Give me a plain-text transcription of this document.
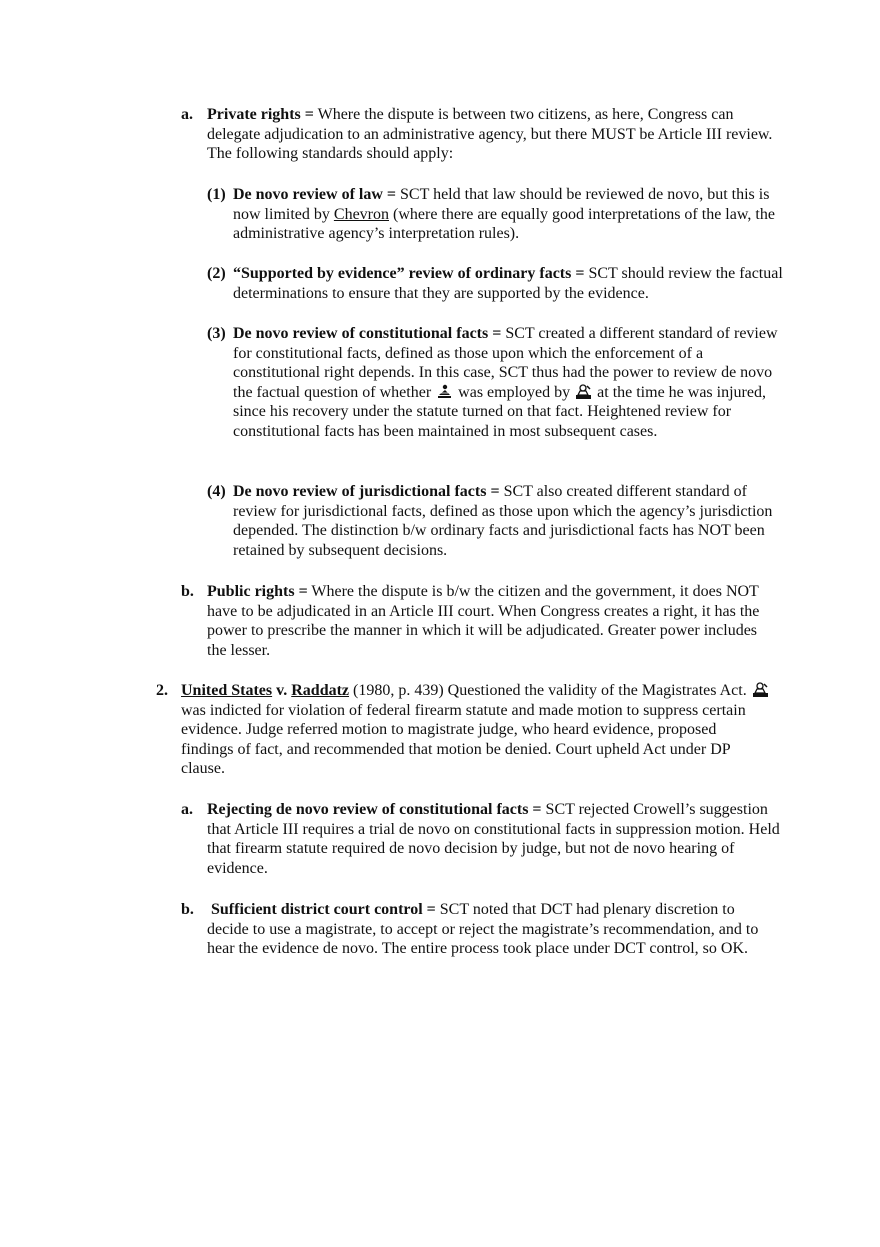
a. Private rights = Where the dispute is between two citizens, as here, Congress can delegate adjudication to an administrative agency, but there MUST be Article III review. The following standards should apply:
(1) De novo review of law = SCT held that law should be reviewed de novo, but this is now limited by Chevron (where there are equally good interpretations of the law, the administrative agency’s interpretation rules).
(2) “Supported by evidence” review of ordinary facts = SCT should review the factual determinations to ensure that they are supported by the evidence.
(3) De novo review of constitutional facts = SCT created a different standard of review for constitutional facts, defined as those upon which the enforcement of a constitutional right depends. In this case, SCT thus had the power to review de novo the factual question of whether
was employed by
at the time he was injured, since his recovery under the statute turned on that fact. Heightened review for constitutional facts has been maintained in most subsequent cases.
(4) De novo review of jurisdictional facts = SCT also created different standard of review for jurisdictional facts, defined as those upon which the agency’s jurisdiction depended. The distinction b/w ordinary facts and jurisdictional facts has NOT been retained by subsequent decisions.
b. Public rights = Where the dispute is b/w the citizen and the government, it does NOT have to be adjudicated in an Article III court. When Congress creates a right, it has the power to prescribe the manner in which it will be adjudicated. Greater power includes the lesser.
2. United States v. Raddatz (1980, p. 439) Questioned the validity of the Magistrates Act.
was indicted for violation of federal firearm statute and made motion to suppress certain evidence. Judge referred motion to magistrate judge, who heard evidence, proposed findings of fact, and recommended that motion be denied. Court upheld Act under DP clause.
a. Rejecting de novo review of constitutional facts = SCT rejected Crowell’s suggestion that Article III requires a trial de novo on constitutional facts in suppression motion. Held that firearm statute required de novo decision by judge, but not de novo hearing of evidence.
b. Sufficient district court control = SCT noted that DCT had plenary discretion to decide to use a magistrate, to accept or reject the magistrate’s recommendation, and to hear the evidence de novo. The entire process took place under DCT control, so OK.
